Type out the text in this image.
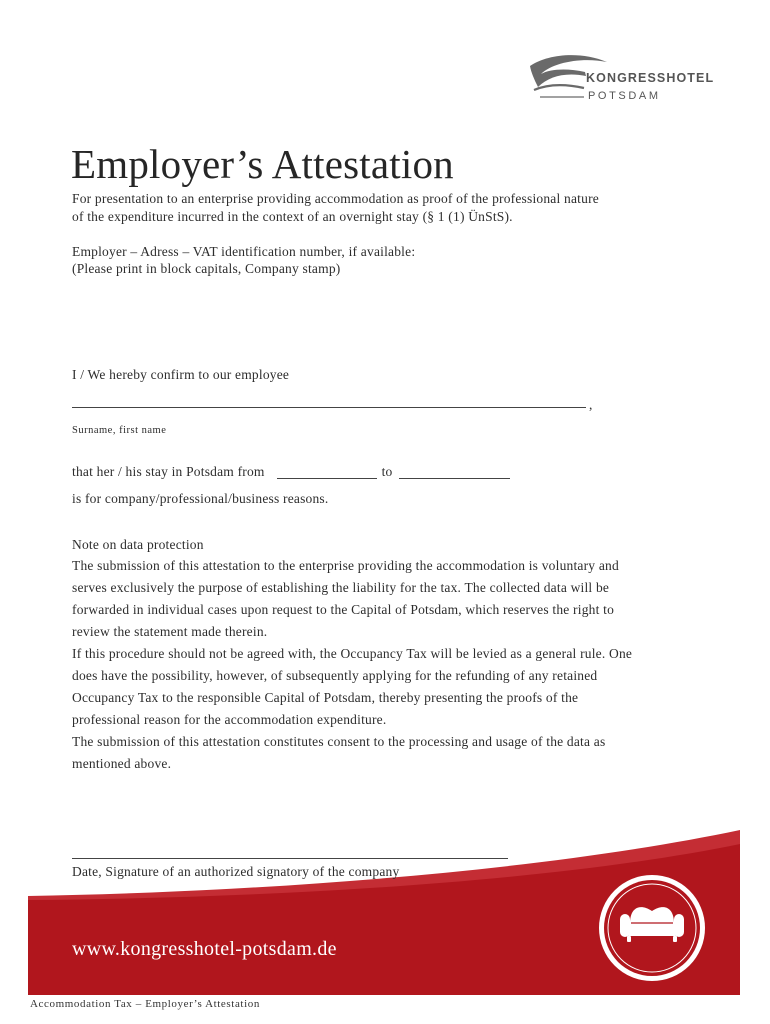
KONGRESSHOTEL
POTSDAM
Employer’s Attestation
For presentation to an enterprise providing accommodation as proof of the professional nature
of the expenditure incurred in the context of an overnight stay (§ 1 (1) ÜnStS).
Employer – Adress – VAT identification number, if available:
(Please print in block capitals, Company stamp)
I / We hereby confirm to our employee
,
Surname, first name
that her / his stay in Potsdam from	to
is for company/professional/business reasons.
Note on data protection
The submission of this attestation to the enterprise providing the accommodation is voluntary and
serves exclusively the purpose of establishing the liability for the tax. The collected data will be
forwarded in individual cases upon request to the Capital of Potsdam, which reserves the right to
review the statement made therein.
If this procedure should not be agreed with, the Occupancy Tax will be levied as a general rule. One
does have the possibility, however, of subsequently applying for the refunding of any retained
Occupancy Tax to the responsible Capital of Potsdam, thereby presenting the proofs of the
professional reason for the accommodation expenditure.
The submission of this attestation constitutes consent to the processing and usage of the data as
mentioned above.
Date, Signature of an authorized signatory of the company
www.kongresshotel-potsdam.de
Accommodation Tax – Employer’s Attestation
